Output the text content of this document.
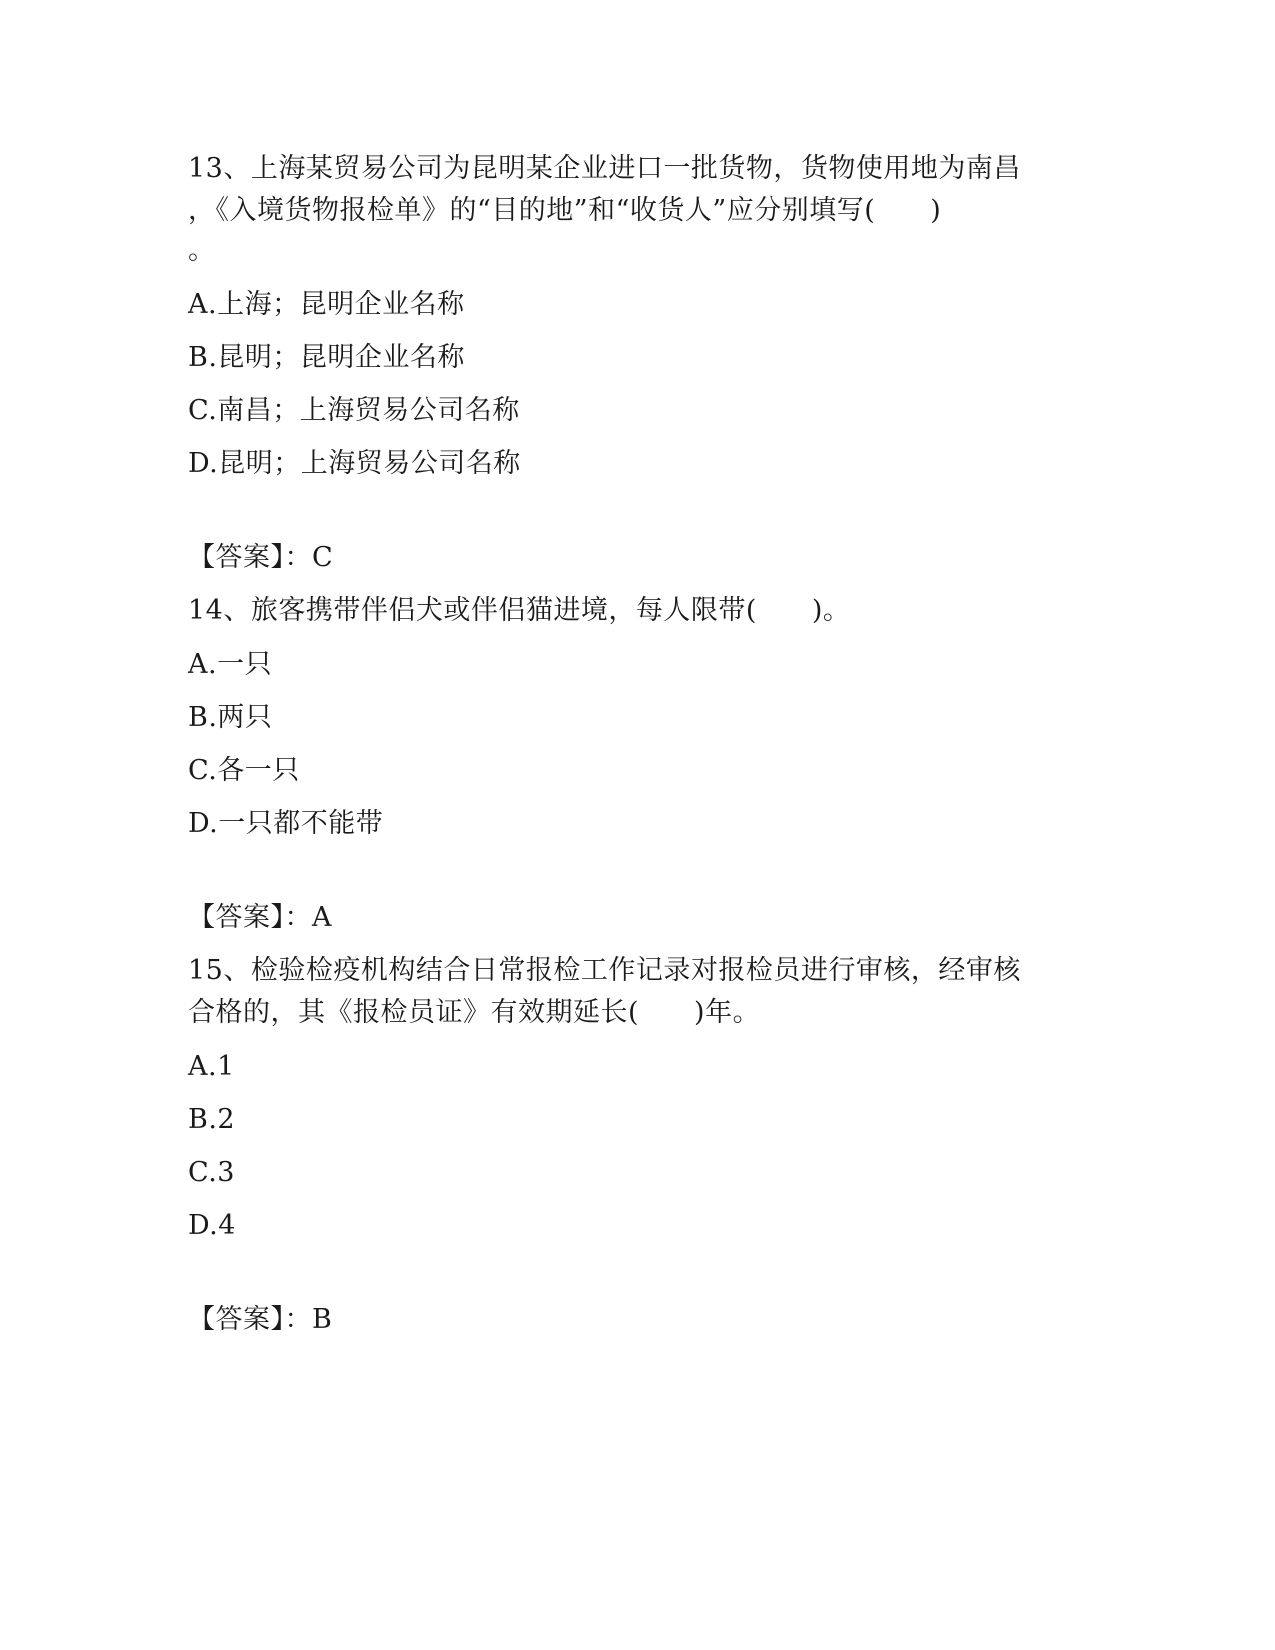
13、上海某贸易公司为昆明某企业进口一批货物，货物使用地为南昌
，《入境货物报检单》的“目的地”和“收货人”应分别填写(　　)
。
A.上海；昆明企业名称
B.昆明；昆明企业名称
C.南昌；上海贸易公司名称
D.昆明；上海贸易公司名称
【答案】：C
14、旅客携带伴侣犬或伴侣猫进境，每人限带(　　)。
A.一只
B.两只
C.各一只
D.一只都不能带
【答案】：A
15、检验检疫机构结合日常报检工作记录对报检员进行审核，经审核
合格的，其《报检员证》有效期延长(　　)年。
A.1
B.2
C.3
D.4
【答案】：B
